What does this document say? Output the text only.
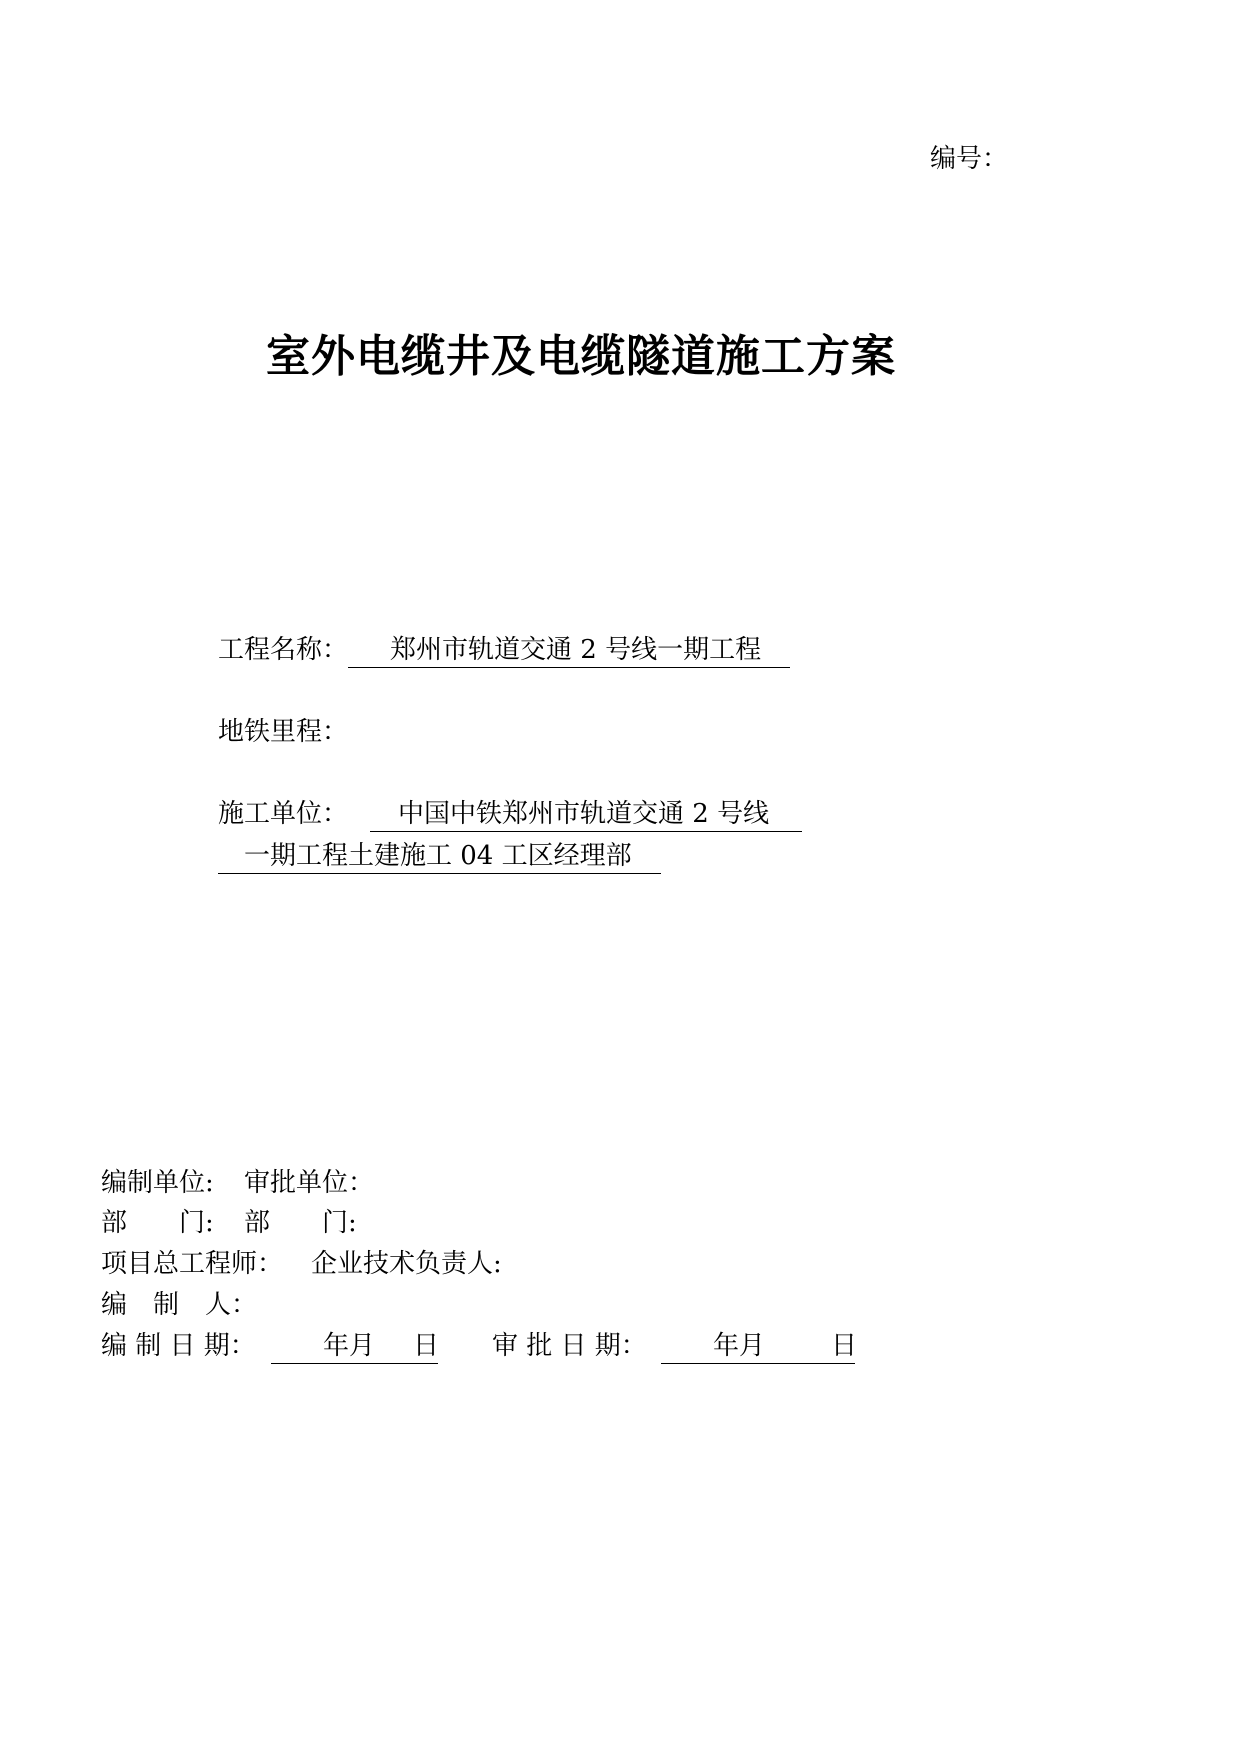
编号：
室外电缆井及电缆隧道施工方案
工程名称： 郑州市轨道交通 2 号线一期工程
地铁里程：
施工单位： 中国中铁郑州市轨道交通 2 号线
一期工程土建施工 04 工区经理部
编制单位: 审批单位：
部　　门: 部　　门:
项目总工程师： 企业技术负责人:
编　制　人：
编 制 日 期：	年 月 日 审 批 日 期：	年 月	日
